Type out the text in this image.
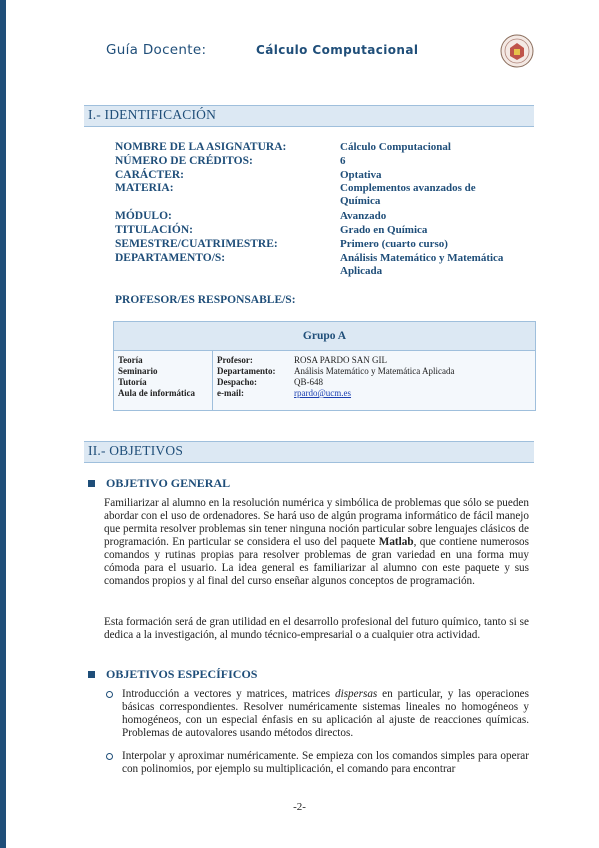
Guía Docente:	Cálculo Computacional
I.- IDENTIFICACIÓN
NOMBRE DE LA ASIGNATURA:	Cálculo Computacional
NÚMERO DE CRÉDITOS:	6
CARÁCTER:	Optativa
MATERIA:	Complementos avanzados de Química
MÓDULO:	Avanzado
TITULACIÓN:	Grado en Química
SEMESTRE/CUATRIMESTRE:	Primero (cuarto curso)
DEPARTAMENTO/S:	Análisis Matemático y Matemática Aplicada
PROFESOR/ES RESPONSABLE/S:
Grupo A
Teoría
Seminario
Tutoría
Aula de informática
Profesor:	ROSA PARDO SAN GIL
Departamento: Análisis Matemático y Matemática Aplicada
Despacho:	QB-648
e-mail:	rpardo@ucm.es
II.- OBJETIVOS
OBJETIVO GENERAL
Familiarizar al alumno en la resolución numérica y simbólica de problemas que sólo se pueden abordar con el uso de ordenadores. Se hará uso de algún programa informático de fácil manejo que permita resolver problemas sin tener ninguna noción particular sobre lenguajes clásicos de programación. En particular se considera el uso del paquete Matlab, que contiene numerosos comandos y rutinas propias para resolver problemas de gran variedad en una forma muy cómoda para el usuario. La idea general es familiarizar al alumno con este paquete y sus comandos propios y al final del curso enseñar algunos conceptos de programación.
Esta formación será de gran utilidad en el desarrollo profesional del futuro químico, tanto si se dedica a la investigación, al mundo técnico-empresarial o a cualquier otra actividad.
OBJETIVOS ESPECÍFICOS
Introducción a vectores y matrices, matrices dispersas en particular, y las operaciones básicas correspondientes. Resolver numéricamente sistemas lineales no homogéneos y homogéneos, con un especial énfasis en su aplicación al ajuste de reacciones químicas. Problemas de autovalores usando métodos directos.
Interpolar y aproximar numéricamente. Se empieza con los comandos simples para operar con polinomios, por ejemplo su multiplicación, el comando para encontrar
-2-
